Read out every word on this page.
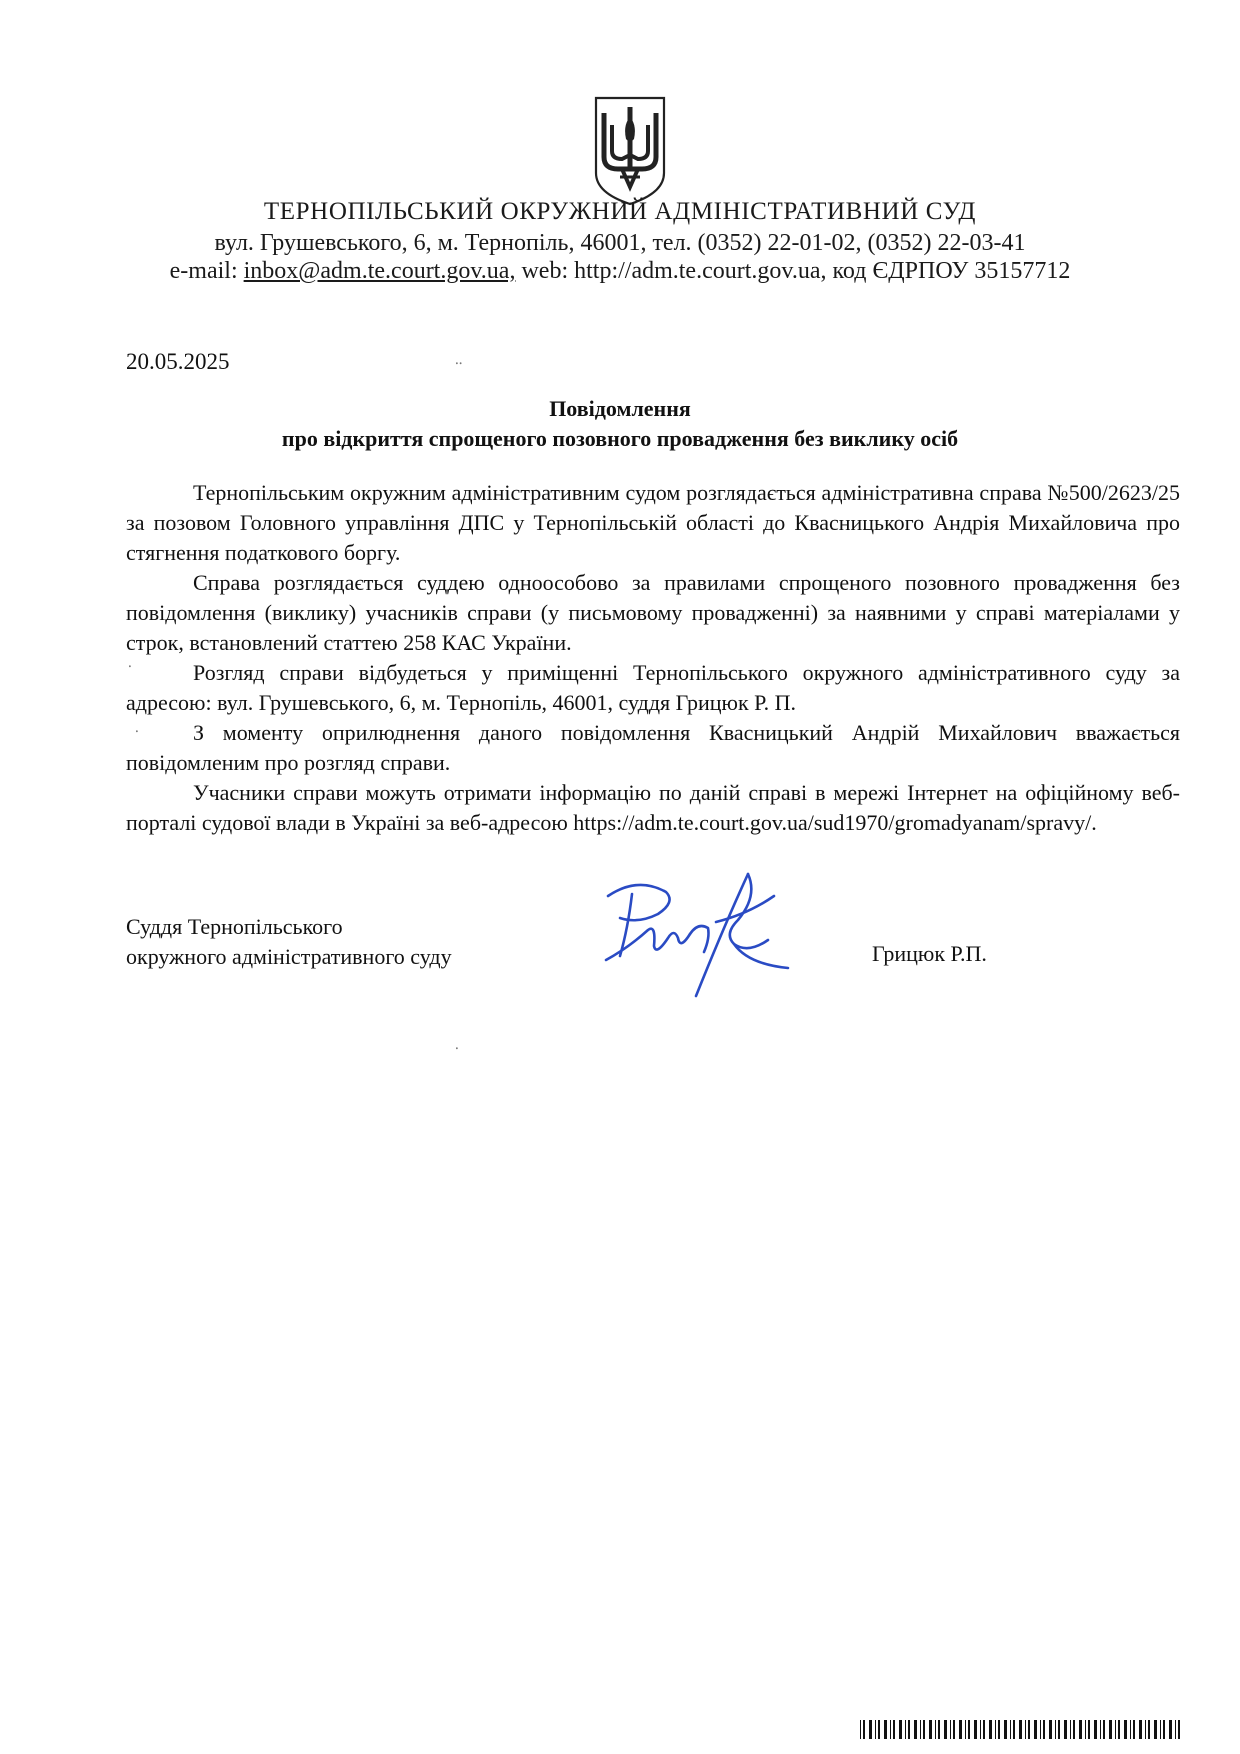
ТЕРНОПІЛЬСЬКИЙ ОКРУЖНИЙ АДМІНІСТРАТИВНИЙ СУД
вул. Грушевського, 6, м. Тернопіль, 46001, тел. (0352) 22-01-02, (0352) 22-03-41
e-mail: inbox@adm.te.court.gov.ua, web: http://adm.te.court.gov.ua, код ЄДРПОУ 35157712
20.05.2025
Повідомлення
про відкриття спрощеного позовного провадження без виклику осіб

Тернопільським окружним адміністративним судом розглядається адміністративна справа №500/2623/25 за позовом Головного управління ДПС у Тернопільській області до Квасницького Андрія Михайловича про стягнення податкового боргу.

Справа розглядається суддею одноособово за правилами спрощеного позовного провадження без повідомлення (виклику) учасників справи (у письмовому провадженні) за наявними у справі матеріалами у строк, встановлений статтею 258 КАС України.

Розгляд справи відбудеться у приміщенні Тернопільського окружного адміністративного суду за адресою: вул. Грушевського, 6, м. Тернопіль, 46001, суддя Грицюк Р. П.

З моменту оприлюднення даного повідомлення Квасницький Андрій Михайлович вважається повідомленим про розгляд справи.

Учасники справи можуть отримати інформацію по даній справі в мережі Інтернет на офіційному веб-порталі судової влади в Україні за веб-адресою https://adm.te.court.gov.ua/sud1970/gromadyanam/spravy/.

Суддя Тернопільського
окружного адміністративного суду	Грицюк Р.П.
⸳⸳
⸳
⸳
⸳
